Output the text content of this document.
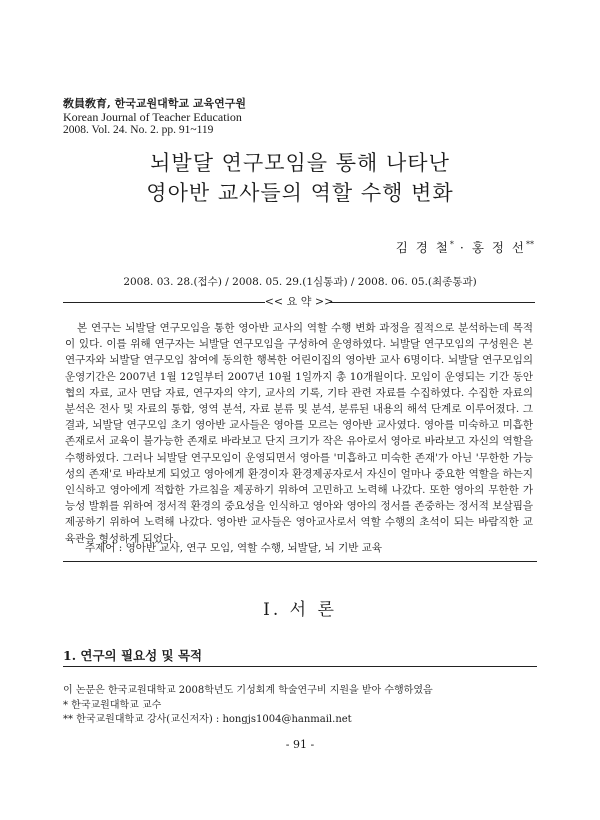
敎員敎育, 한국교원대학교 교육연구원
Korean Journal of Teacher Education
2008. Vol. 24. No. 2. pp. 91~119
뇌발달 연구모임을 통해 나타난
영아반 교사들의 역할 수행 변화
김 경 철* · 홍 정 선**
2008. 03. 28.(접수) / 2008. 05. 29.(1심통과) / 2008. 06. 05.(최종통과)
<< 요 약 >>

본 연구는 뇌발달 연구모임을 통한 영아반 교사의 역할 수행 변화 과정을 질적으로 분석하는데 목적이 있다. 이를 위해 연구자는 뇌발달 연구모임을 구성하여 운영하였다. 뇌발달 연구모임의 구성원은 본 연구자와 뇌발달 연구모임 참여에 동의한 행복한 어린이집의 영아반 교사 6명이다. 뇌발달 연구모임의 운영기간은 2007년 1월 12일부터 2007년 10월 1일까지 총 10개월이다. 모임이 운영되는 기간 동안 협의 자료, 교사 면담 자료, 연구자의 약기, 교사의 기록, 기타 관련 자료를 수집하였다. 수집한 자료의 분석은 전사 및 자료의 통합, 영역 분석, 자료 분류 및 분석, 분류된 내용의 해석 단계로 이루어졌다. 그 결과, 뇌발달 연구모임 초기 영아반 교사들은 영아를 모르는 영아반 교사였다. 영아를 미숙하고 미흡한 존재로서 교육이 불가능한 존재로 바라보고 단지 크기가 작은 유아로서 영아로 바라보고 자신의 역할을 수행하였다. 그러나 뇌발달 연구모임이 운영되면서 영아를 '미흡하고 미숙한 존재'가 아닌 '무한한 가능성의 존재'로 바라보게 되었고 영아에게 환경이자 환경제공자로서 자신이 얼마나 중요한 역할을 하는지 인식하고 영아에게 적합한 가르침을 제공하기 위하여 고민하고 노력해 나갔다. 또한 영아의 무한한 가능성 발휘를 위하여 정서적 환경의 중요성을 인식하고 영아와 영아의 정서를 존중하는 정서적 보살핌을 제공하기 위하여 노력해 나갔다. 영아반 교사들은 영아교사로서 역할 수행의 초석이 되는 바람직한 교육관을 형성하게 되었다.

주제어 : 영아반 교사, 연구 모임, 역할 수행, 뇌발달, 뇌 기반 교육
Ⅰ. 서 론
1. 연구의 필요성 및 목적
이 논문은 한국교원대학교 2008학년도 기성회계 학술연구비 지원을 받아 수행하였음
* 한국교원대학교 교수
** 한국교원대학교 강사(교신저자) : hongjs1004@hanmail.net
- 91 -
